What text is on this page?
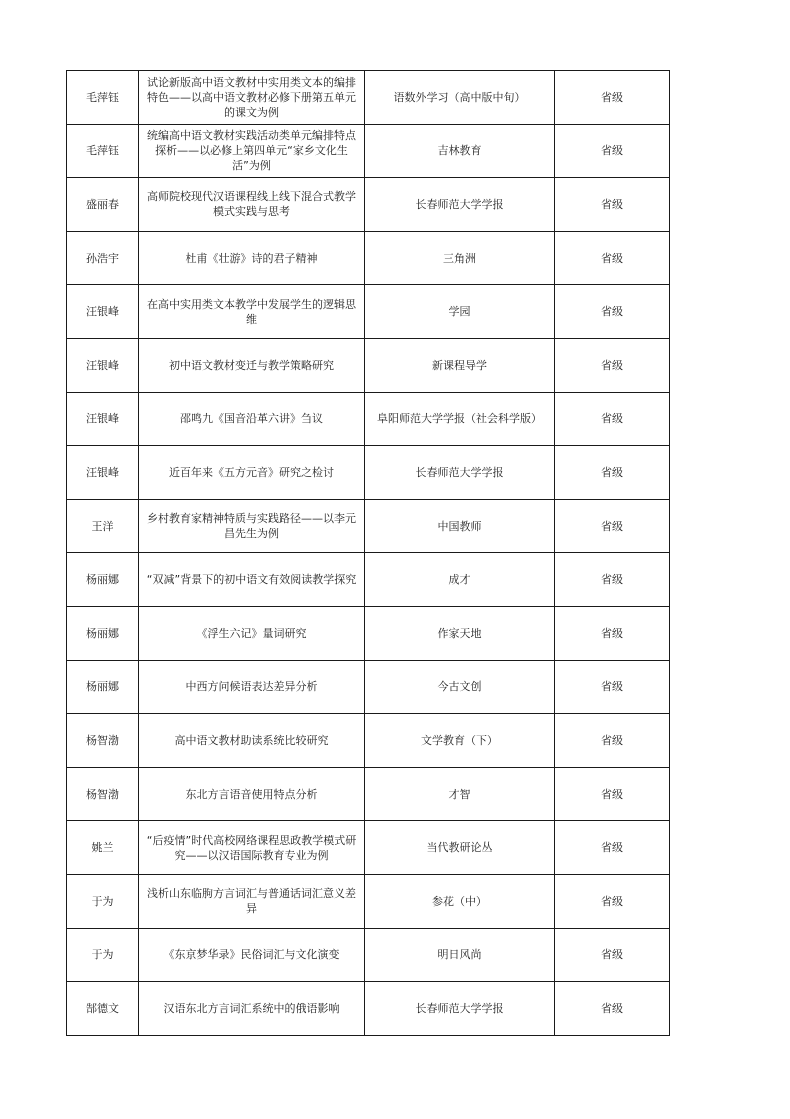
毛萍钰	试论新版高中语文教材中实用类文本的编排特色——以高中语文教材必修下册第五单元的课文为例	语数外学习（高中版中旬）	省级
毛萍钰	统编高中语文教材实践活动类单元编排特点探析——以必修上第四单元“家乡文化生活”为例	吉林教育	省级
盛丽春	高师院校现代汉语课程线上线下混合式教学模式实践与思考	长春师范大学学报	省级
孙浩宇	杜甫《壮游》诗的君子精神	三角洲	省级
汪银峰	在高中实用类文本教学中发展学生的逻辑思维	学园	省级
汪银峰	初中语文教材变迁与教学策略研究	新课程导学	省级
汪银峰	邵鸣九《国音沿革六讲》刍议	阜阳师范大学学报（社会科学版）	省级
汪银峰	近百年来《五方元音》研究之检讨	长春师范大学学报	省级
王洋	乡村教育家精神特质与实践路径——以李元昌先生为例	中国教师	省级
杨丽娜	“双减”背景下的初中语文有效阅读教学探究	成才	省级
杨丽娜	《浮生六记》量词研究	作家天地	省级
杨丽娜	中西方问候语表达差异分析	今古文创	省级
杨智渤	高中语文教材助读系统比较研究	文学教育（下）	省级
杨智渤	东北方言语音使用特点分析	才智	省级
姚兰	“后疫情”时代高校网络课程思政教学模式研究——以汉语国际教育专业为例	当代教研论丛	省级
于为	浅析山东临朐方言词汇与普通话词汇意义差异	参花（中）	省级
于为	《东京梦华录》民俗词汇与文化演变	明日风尚	省级
郜德文	汉语东北方言词汇系统中的俄语影响	长春师范大学学报	省级
